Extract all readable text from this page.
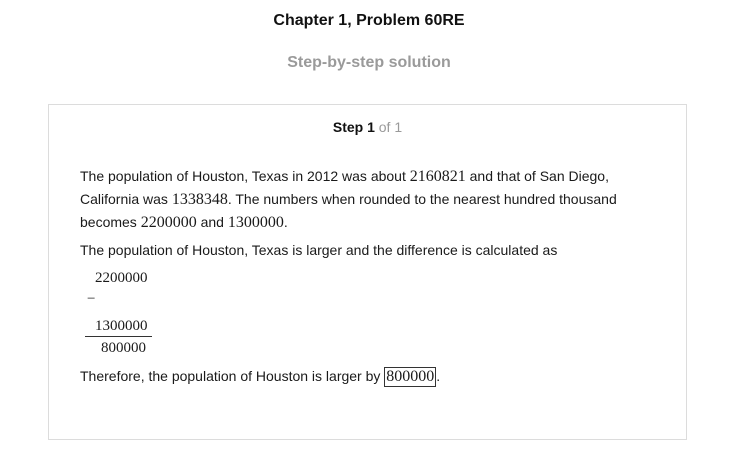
Chapter 1, Problem 60RE
Step-by-step solution
Step 1 of 1
The population of Houston, Texas in 2012 was about 2160821 and that of San Diego, California was 1338348. The numbers when rounded to the nearest hundred thousand becomes 2200000 and 1300000.
The population of Houston, Texas is larger and the difference is calculated as
2200000
−
1300000
800000
Therefore, the population of Houston is larger by 800000 .
